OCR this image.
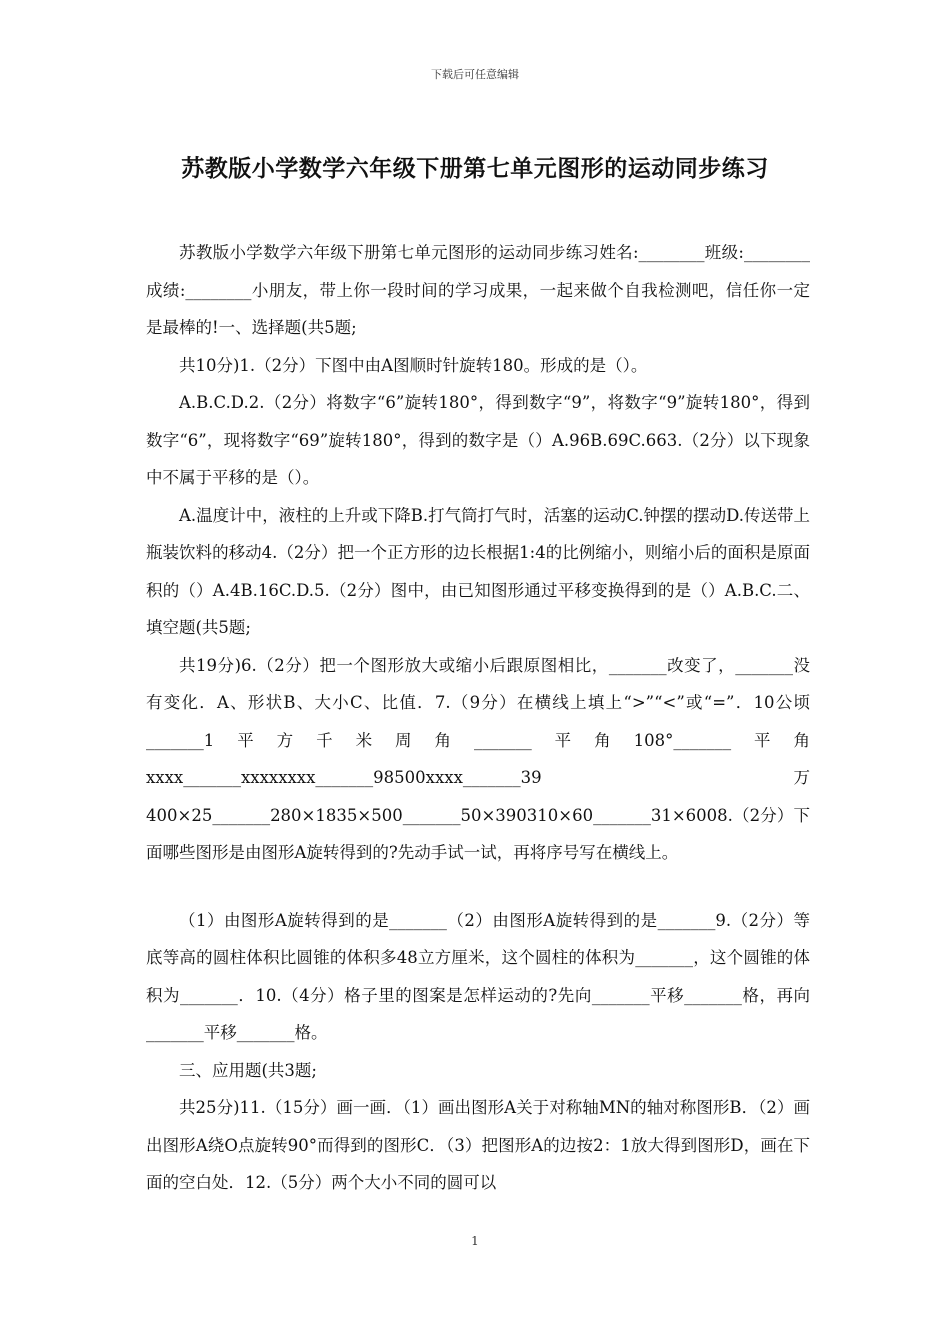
下载后可任意编辑
苏教版小学数学六年级下册第七单元图形的运动同步练习

苏教版小学数学六年级下册第七单元图形的运动同步练习姓名:________班级:________成绩:________小朋友，带上你一段时间的学习成果，一起来做个自我检测吧，信任你一定是最棒的!一、选择题(共5题;

共10分)1.（2分）下图中由A图顺时针旋转180。形成的是（）。

A.B.C.D.2.（2分）将数字“6”旋转180°，得到数字“9”，将数字“9”旋转180°，得到数字“6”，现将数字“69”旋转180°，得到的数字是（）A.96B.69C.663.（2分）以下现象中不属于平移的是（）。

A.温度计中，液柱的上升或下降B.打气筒打气时，活塞的运动C.钟摆的摆动D.传送带上瓶装饮料的移动4.（2分）把一个正方形的边长根据1:4的比例缩小，则缩小后的面积是原面积的（）A.4B.16C.D.5.（2分）图中，由已知图形通过平移变换得到的是（）A.B.C.二、填空题(共5题;

共19分)6.（2分）把一个图形放大或缩小后跟原图相比，_______改变了，_______没有变化．A、形状B、大小C、比值．7.（9分）在横线上填上“>”“<”或“=”．10公顷_______1平方千米周角_______平角108°_______平角xxxx_______xxxxxxxx_______98500xxxx_______39万400×25_______280×1835×500_______50×390310×60_______31×6008.（2分）下面哪些图形是由图形A旋转得到的?先动手试一试，再将序号写在横线上。

（1）由图形A旋转得到的是_______（2）由图形A旋转得到的是_______9.（2分）等底等高的圆柱体积比圆锥的体积多48立方厘米，这个圆柱的体积为_______，这个圆锥的体积为_______．10.（4分）格子里的图案是怎样运动的?先向_______平移_______格，再向_______平移_______格。

三、应用题(共3题;

共25分)11.（15分）画一画．（1）画出图形A关于对称轴MN的轴对称图形B．（2）画出图形A绕O点旋转90°而得到的图形C．（3）把图形A的边按2：1放大得到图形D，画在下面的空白处．12.（5分）两个大小不同的圆可以

1
